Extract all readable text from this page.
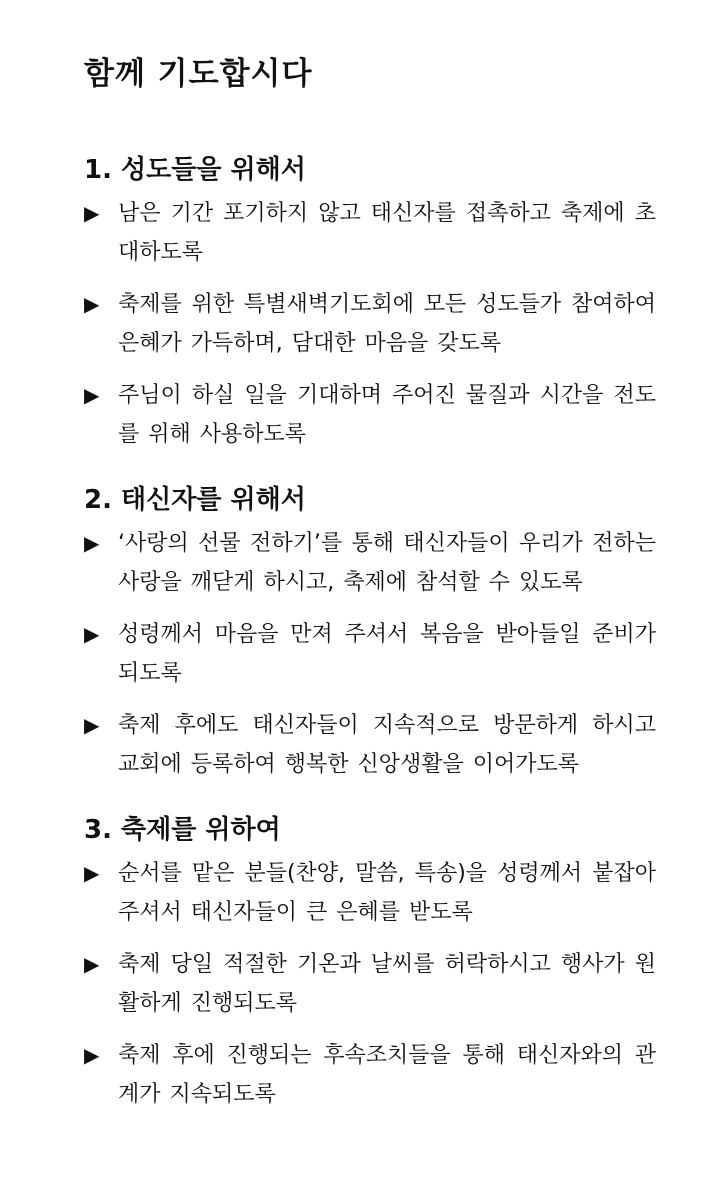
함께 기도합시다
1. 성도들을 위해서
▶ 남은 기간 포기하지 않고 태신자를 접촉하고 축제에 초대하도록
▶ 축제를 위한 특별새벽기도회에 모든 성도들가 참여하여 은혜가 가득하며, 담대한 마음을 갖도록
▶ 주님이 하실 일을 기대하며 주어진 물질과 시간을 전도를 위해 사용하도록
2. 태신자를 위해서
▶ ‘사랑의 선물 전하기’를 통해 태신자들이 우리가 전하는 사랑을 깨닫게 하시고, 축제에 참석할 수 있도록
▶ 성령께서 마음을 만져 주셔서 복음을 받아들일 준비가 되도록
▶ 축제 후에도 태신자들이 지속적으로 방문하게 하시고 교회에 등록하여 행복한 신앙생활을 이어가도록
3. 축제를 위하여
▶ 순서를 맡은 분들(찬양, 말씀, 특송)을 성령께서 붙잡아주셔서 태신자들이 큰 은혜를 받도록
▶ 축제 당일 적절한 기온과 날씨를 허락하시고 행사가 원활하게 진행되도록
▶ 축제 후에 진행되는 후속조치들을 통해 태신자와의 관계가 지속되도록
